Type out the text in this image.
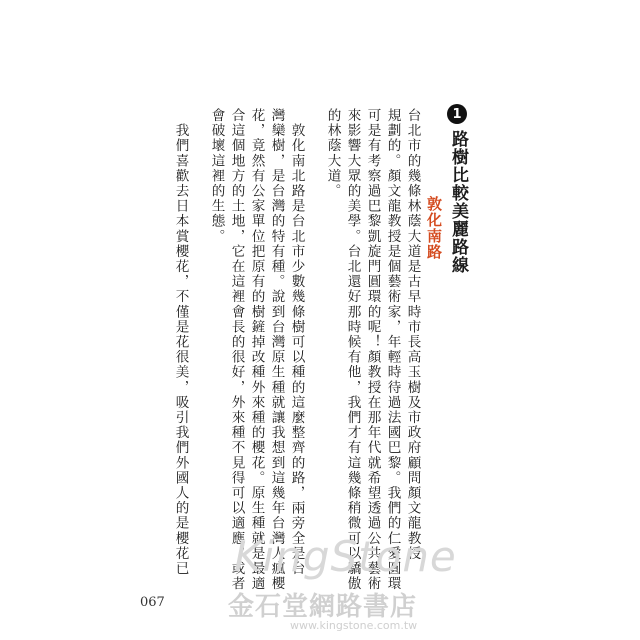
1
路樹比較美麗路線
敦化南路
台北市的幾條林蔭大道是古早時市長高玉樹及市政府顧問顏文龍教授
規劃的。顏文龍教授是個藝術家，年輕時待過法國巴黎。我們的仁愛圓環
可是有考察過巴黎凱旋門圓環的呢！顏教授在那年代就希望透過公共藝術
來影響大眾的美學。台北還好那時候有他，我們才有這幾條稍微可以驕傲
的林蔭大道。
　敦化南北路是台北市少數幾條樹可以種的這麼整齊的路，兩旁全是台
灣欒樹，是台灣的特有種。說到台灣原生種就讓我想到這幾年台灣人瘋櫻
花，竟然有公家單位把原有的樹鏟掉改種外來種的櫻花。原生種就是最適
合這個地方的土地，它在這裡會長的很好，外來種不見得可以適應，或者
會破壞這裡的生態。
　我們喜歡去日本賞櫻花，不僅是花很美，吸引我們外國人的是櫻花已
067
KingStone
金石堂網路書店
www.kingstone.com.tw
